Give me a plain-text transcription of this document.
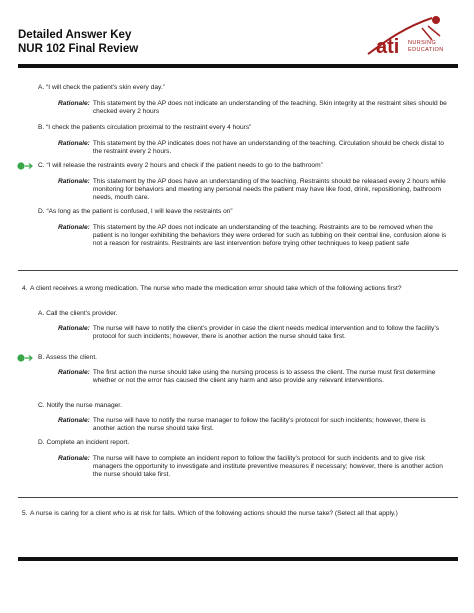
Detailed Answer Key
NUR 102 Final Review	ati NURSING
EDUCATION
A. “I will check the patient's skin every day.”
Rationale: This statement by the AP does not indicate an understanding of the teaching. Skin integrity at the restraint sites should be checked every 2 hours
B. “I check the patients circulation proximal to the restraint every 4 hours”
Rationale: This statement by the AP indicates does not have an understanding of the teaching. Circulation should be check distal to the restraint every 2 hours.
C. “I will release the restraints every 2 hours and check if the patient needs to go to the bathroom”
Rationale: This statement by the AP does have an understanding of the teaching. Restraints should be released every 2 hours while monitoring for behaviors and meeting any personal needs the patient may have like food, drink, repositioning, bathroom needs, mouth care.
D. “As long as the patient is confused, I will leave the restraints on”
Rationale: This statement by the AP does not indicate an understanding of the teaching. Restraints are to be removed when the patient is no longer exhibiting the behaviors they were ordered for such as tubbing on their central line, confusion alone is not a reason for restraints. Restraints are last intervention before trying other techniques to keep patient safe
4. A client receives a wrong medication. The nurse who made the medication error should take which of the following actions first?
A. Call the client’s provider.
Rationale: The nurse will have to notify the client’s provider in case the client needs medical intervention and to follow the facility’s protocol for such incidents; however, there is another action the nurse should take first.
B. Assess the client.
Rationale: The first action the nurse should take using the nursing process is to assess the client. The nurse must first determine whether or not the error has caused the client any harm and also provide any relevant interventions.
C. Notify the nurse manager.
Rationale: The nurse will have to notify the nurse manager to follow the facility’s protocol for such incidents; however, there is another action the nurse should take first.
D. Complete an incident report.
Rationale: The nurse will have to complete an incident report to follow the facility’s protocol for such incidents and to give risk managers the opportunity to investigate and institute preventive measures if necessary; however, there is another action the nurse should take first.
5. A nurse is caring for a client who is at risk for falls. Which of the following actions should the nurse take? (Select all that apply.)
